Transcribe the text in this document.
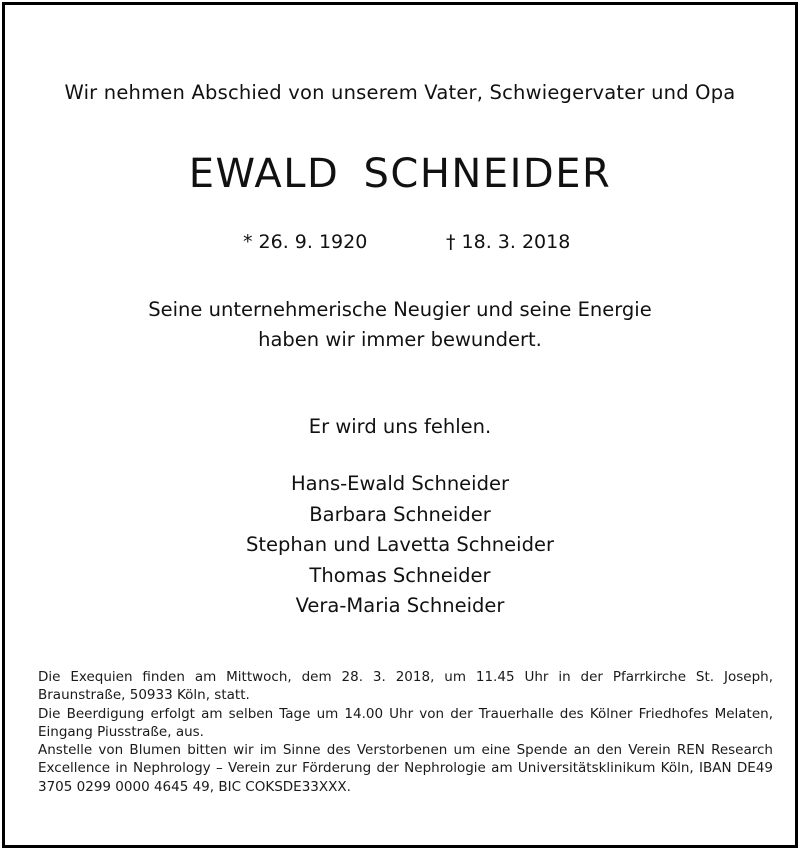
Wir nehmen Abschied von unserem Vater, Schwiegervater und Opa
EWALD SCHNEIDER
* 26. 9. 1920	† 18. 3. 2018
Seine unternehmerische Neugier und seine Energie
haben wir immer bewundert.
Er wird uns fehlen.
Hans-Ewald Schneider
Barbara Schneider
Stephan und Lavetta Schneider
Thomas Schneider
Vera-Maria Schneider

Die Exequien finden am Mittwoch, dem 28. 3. 2018, um 11.45 Uhr in der Pfarrkirche St. Joseph, Braunstraße, 50933 Köln, statt.

Die Beerdigung erfolgt am selben Tage um 14.00 Uhr von der Trauerhalle des Kölner Friedhofes Melaten, Eingang Piusstraße, aus.

Anstelle von Blumen bitten wir im Sinne des Verstorbenen um eine Spende an den Verein REN Research Excellence in Nephrology – Verein zur Förderung der Nephrologie am Universitätsklinikum Köln, IBAN DE49 3705 0299 0000 4645 49, BIC COKSDE33XXX.
